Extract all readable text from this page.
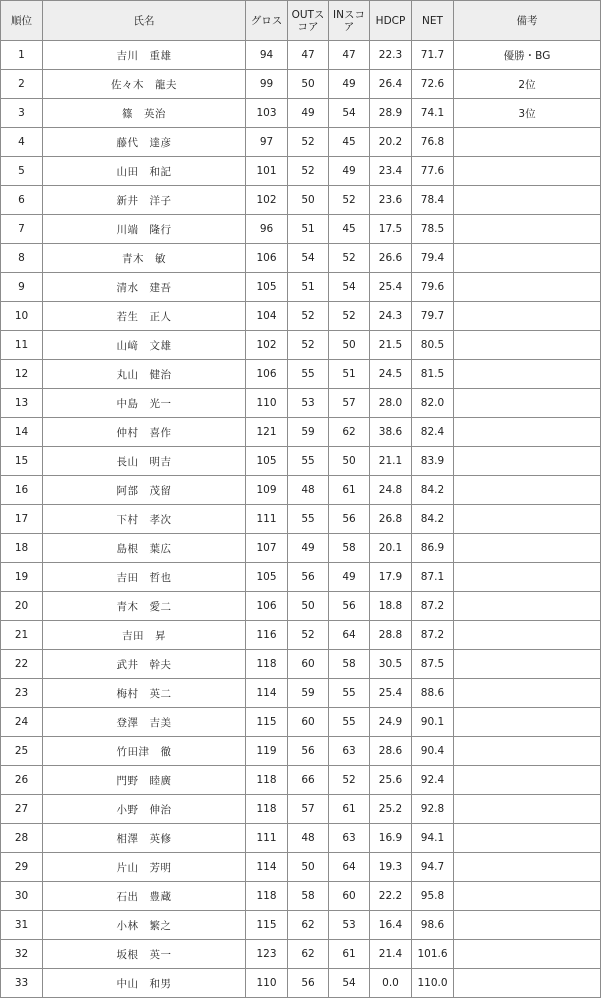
順位	氏名	グロス	OUTスコア	INスコア	HDCP	NET	備考
1	吉川　重雄	94	47	47	22.3	71.7	優勝・BG
2	佐々木　龍夫	99	50	49	26.4	72.6	2位
3	篠　英治	103	49	54	28.9	74.1	3位
4	藤代　達彦	97	52	45	20.2	76.8	
5	山田　和記	101	52	49	23.4	77.6	
6	新井　洋子	102	50	52	23.6	78.4	
7	川端　隆行	96	51	45	17.5	78.5	
8	青木　敏	106	54	52	26.6	79.4	
9	清水　建吾	105	51	54	25.4	79.6	
10	若生　正人	104	52	52	24.3	79.7	
11	山﨑　文雄	102	52	50	21.5	80.5	
12	丸山　健治	106	55	51	24.5	81.5	
13	中島　光一	110	53	57	28.0	82.0	
14	仲村　喜作	121	59	62	38.6	82.4	
15	長山　明吉	105	55	50	21.1	83.9	
16	阿部　茂留	109	48	61	24.8	84.2	
17	下村　孝次	111	55	56	26.8	84.2	
18	島根　葉広	107	49	58	20.1	86.9	
19	吉田　哲也	105	56	49	17.9	87.1	
20	青木　愛二	106	50	56	18.8	87.2	
21	吉田　昇	116	52	64	28.8	87.2	
22	武井　幹夫	118	60	58	30.5	87.5	
23	梅村　英二	114	59	55	25.4	88.6	
24	登澤　吉美	115	60	55	24.9	90.1	
25	竹田津　徹	119	56	63	28.6	90.4	
26	門野　睦廣	118	66	52	25.6	92.4	
27	小野　伸治	118	57	61	25.2	92.8	
28	相澤　英修	111	48	63	16.9	94.1	
29	片山　芳明	114	50	64	19.3	94.7	
30	石出　豊蔵	118	58	60	22.2	95.8	
31	小林　繁之	115	62	53	16.4	98.6	
32	坂根　英一	123	62	61	21.4	101.6	
33	中山　和男	110	56	54	0.0	110.0	
